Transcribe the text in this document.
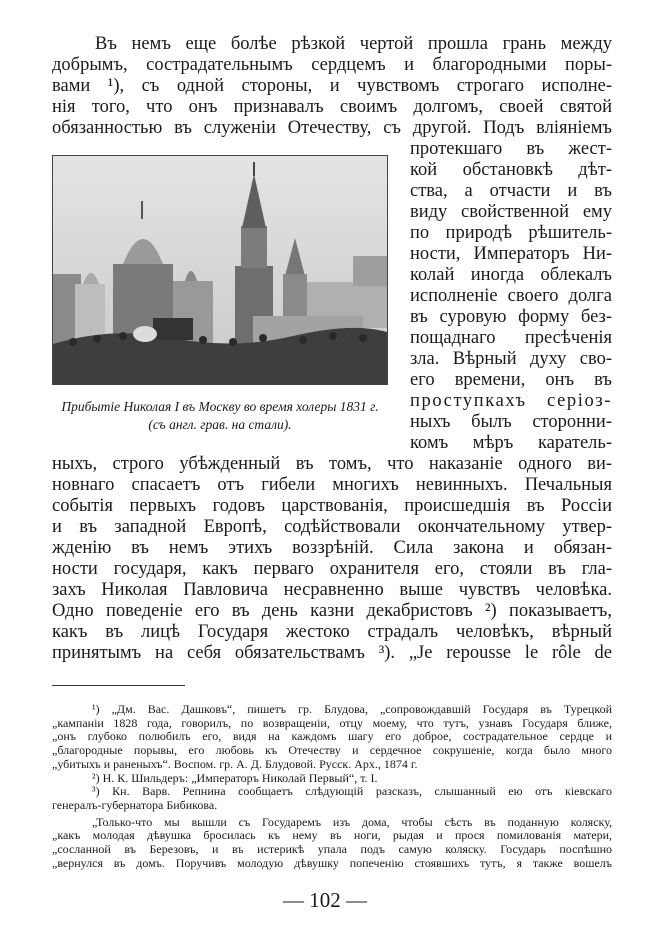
Въ немъ еще болѣе рѣзкой чертой прошла грань между
добрымъ, сострадательнымъ сердцемъ и благородными поры-
вами ¹), съ одной стороны, и чувствомъ строгаго исполне-
нія того, что онъ признавалъ своимъ долгомъ, своей святой
обязанностью въ служеніи Отечеству, съ другой. Подъ вліяніемъ
протекшаго въ жест-
кой обстановкѣ дѣт-
ства, а отчасти и въ
виду свойственной ему
по природѣ рѣшитель-
ности, Императоръ Ни-
колай иногда облекалъ
исполненіе своего долга
въ суровую форму без-
пощаднаго пресѣченія
зла. Вѣрный духу сво-
его времени, онъ въ
проступкахъ серіоз-
ныхъ былъ сторонни-
комъ мѣръ каратель-
ныхъ, строго убѣжденный въ томъ, что наказаніе одного ви-
новнаго спасаетъ отъ гибели многихъ невинныхъ. Печальныя
событія первыхъ годовъ царствованія, происшедшія въ Россіи
и въ западной Европѣ, содѣйствовали окончательному утвер-
жденію въ немъ этихъ воззрѣній. Сила закона и обязан-
ности государя, какъ перваго охранителя его, стояли въ гла-
захъ Николая Павловича несравненно выше чувствъ человѣка.
Одно поведеніе его въ день казни декабристовъ ²) показываетъ,
какъ въ лицѣ Государя жестоко страдалъ человѣкъ, вѣрный
принятымъ на себя обязательствамъ ³). „Je repousse le rôle de
Прибытіе Николая I въ Москву во время холеры 1831 г.
(съ англ. грав. на стали).
¹) „Дм. Вас. Дашковъ“, пишетъ гр. Блудова, „сопровождавшій Государя въ Турецкой
„кампаніи 1828 года, говорилъ, по возвращеніи, отцу моему, что тутъ, узнавъ Государя ближе,
„онъ глубоко полюбилъ его, видя на каждомъ шагу его доброе, сострадательное сердце и
„благородные порывы, его любовь къ Отечеству и сердечное сокрушеніе, когда было много
„убитыхъ и раненыхъ“. Воспом. гр. А. Д. Блудовой. Русск. Арх., 1874 г.
²) Н. К. Шильдеръ: „Императоръ Николай Первый“, т. I.
³) Кн. Варв. Репнина сообщаетъ слѣдующій разсказъ, слышанный ею отъ кіевскаго
генералъ-губернатора Бибикова.
„Только-что мы вышли съ Государемъ изъ дома, чтобы сѣсть въ поданную коляску,
„какъ молодая дѣвушка бросилась къ нему въ ноги, рыдая и прося помилованія матери,
„сосланной въ Березовъ, и въ истерикѣ упала подъ самую коляску. Государь поспѣшно
„вернулся въ домъ. Поручивъ молодую дѣвушку попеченію стоявшихъ тутъ, я также вошелъ
— 102 —
